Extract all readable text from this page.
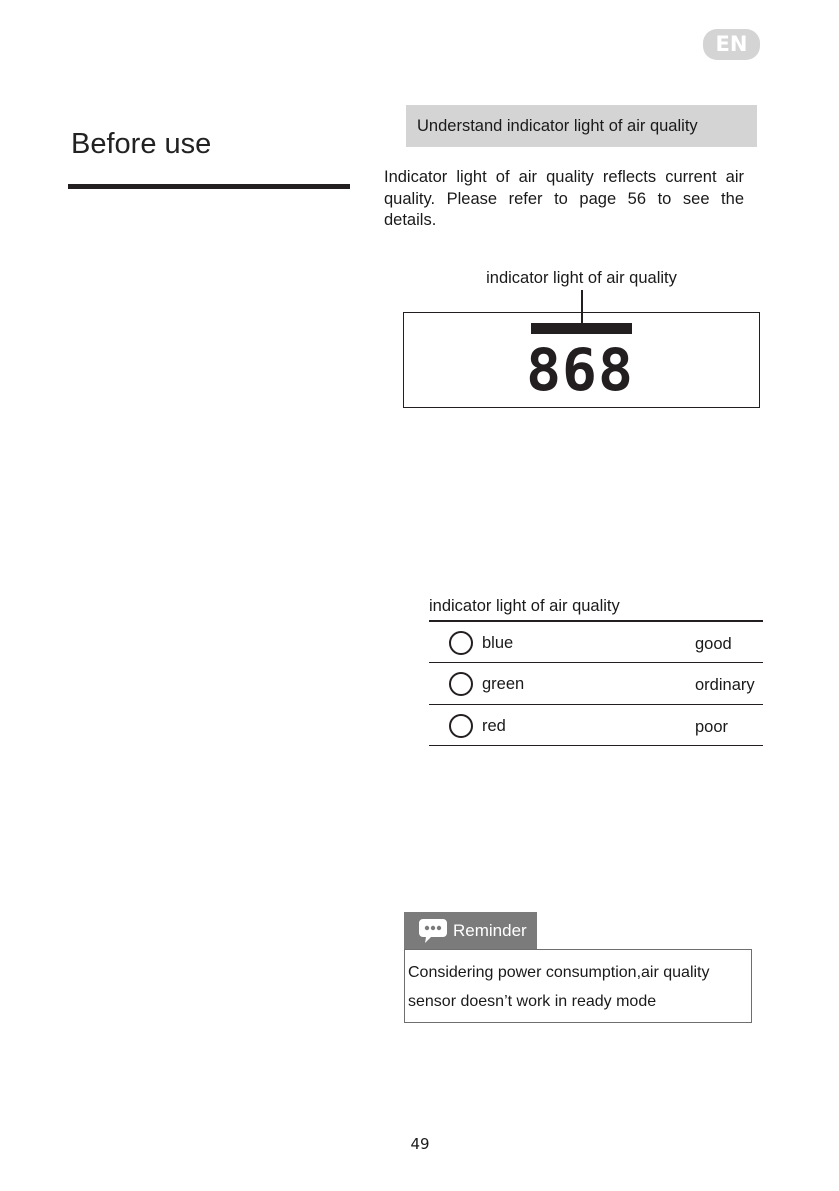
EN
Before use
Understand indicator light of air quality
Indicator light of air quality reflects current air quality. Please refer to page 56 to see the details.
indicator light of air quality
868
indicator light of air quality
blue	good
green	ordinary
red	poor
Reminder
Considering power consumption,air quality
sensor doesn’t work in ready mode
49
